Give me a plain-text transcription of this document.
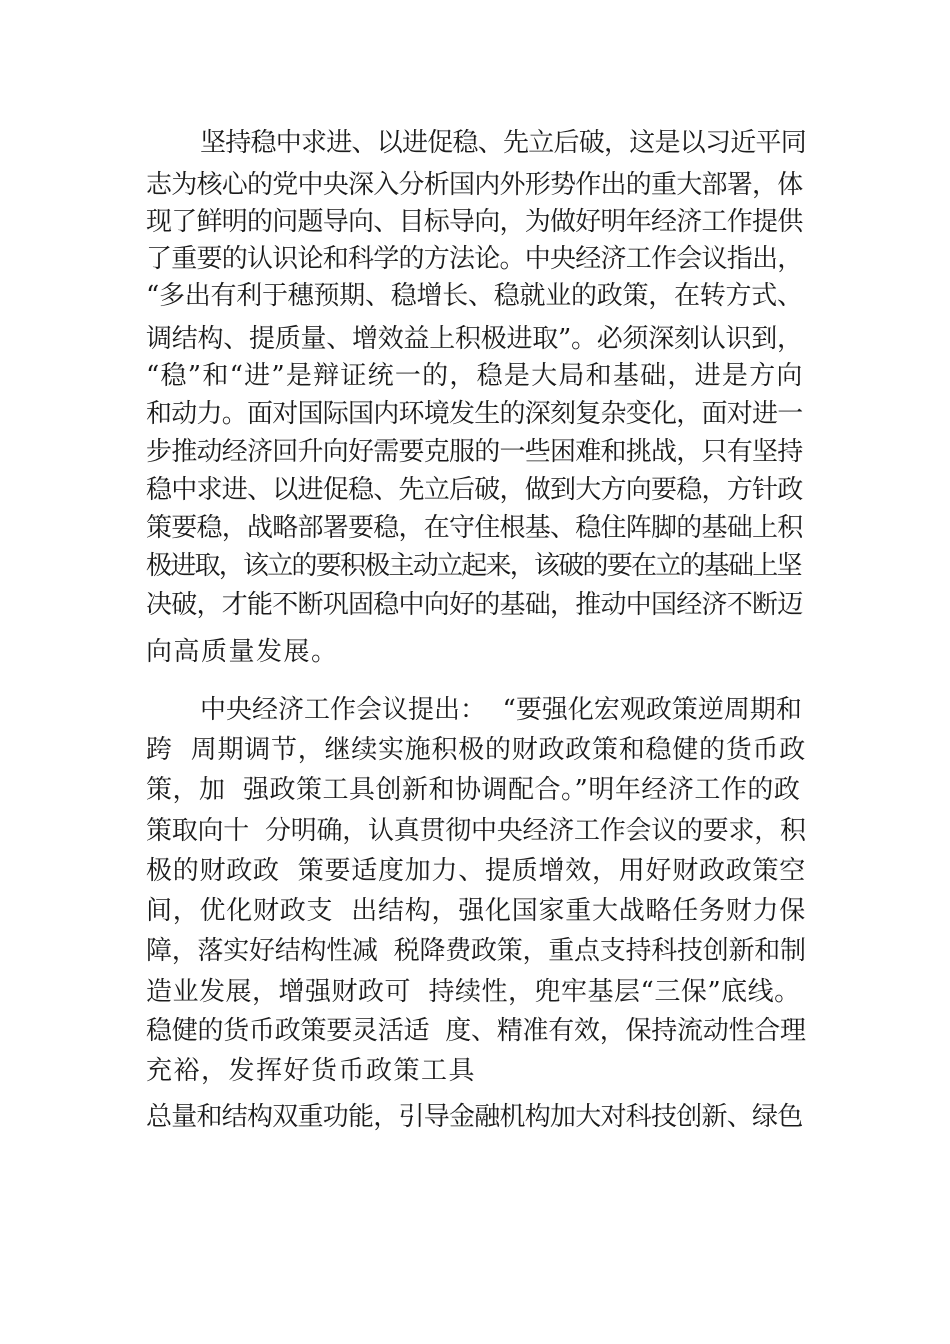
坚持稳中求进、以进促稳、先立后破，这是以习近平同
志为核心的党中央深入分析国内外形势作出的重大部署，体
现了鲜明的问题导向、目标导向，为做好明年经济工作提供
了重要的认识论和科学的方法论。中央经济工作会议指出，
“多出有利于穗预期、稳增长、稳就业的政策，在转方式、
调结构、提质量、增效益上积极进取”。必须深刻认识到，
“稳”和“进”是辩证统一的，稳是大局和基础，进是方向
和动力。面对国际国内环境发生的深刻复杂变化，面对进一
步推动经济回升向好需要克服的一些困难和挑战，只有坚持
稳中求进、以进促稳、先立后破，做到大方向要稳，方针政
策要稳，战略部署要稳，在守住根基、稳住阵脚的基础上积
极进取，该立的要积极主动立起来，该破的要在立的基础上坚
决破，才能不断巩固稳中向好的基础，推动中国经济不断迈
向高质量发展。
中央经济工作会议提出：  “要强化宏观政策逆周期和
跨  周期调节，继续实施积极的财政政策和稳健的货币政
策，加  强政策工具创新和协调配合。”明年经济工作的政
策取向十  分明确，认真贯彻中央经济工作会议的要求，积
极的财政政  策要适度加力、提质增效，用好财政政策空
间，优化财政支  出结构，强化国家重大战略任务财力保
障，落实好结构性减  税降费政策，重点支持科技创新和制
造业发展，增强财政可  持续性，兜牢基层“三保”底线。
稳健的货币政策要灵活适  度、精准有效，保持流动性合理
充裕，发挥好货币政策工具
总量和结构双重功能，引导金融机构加大对科技创新、绿色
